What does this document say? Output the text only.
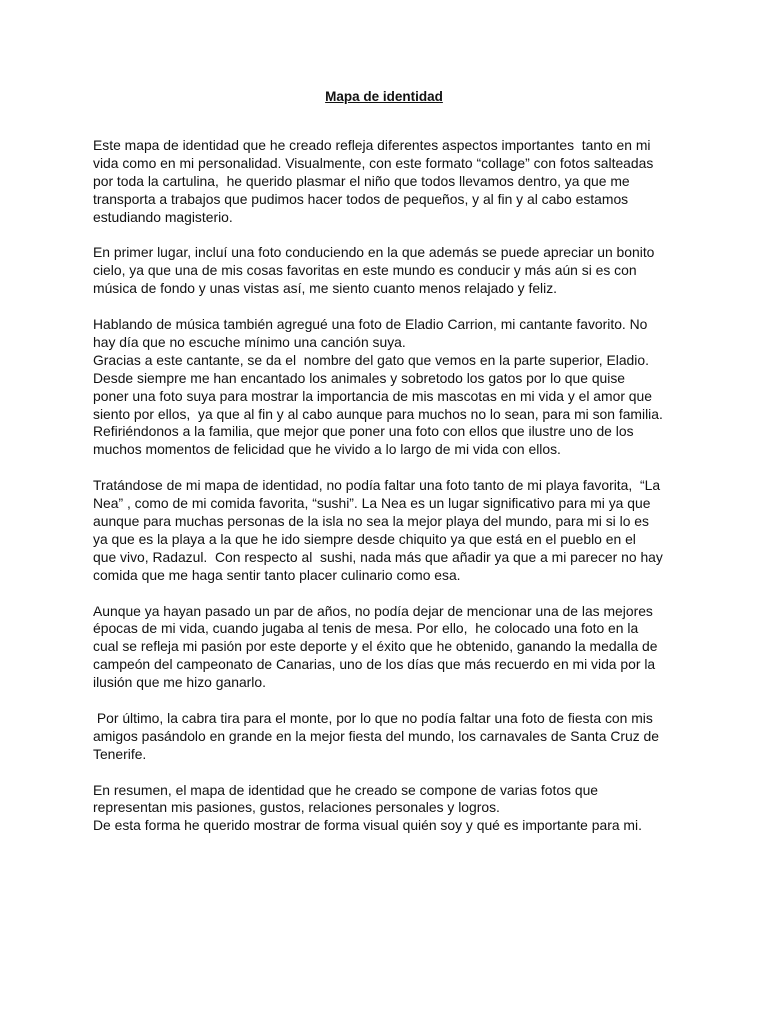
Mapa de identidad

Este mapa de identidad que he creado refleja diferentes aspectos importantes  tanto en mi
vida como en mi personalidad. Visualmente, con este formato “collage” con fotos salteadas
por toda la cartulina,  he querido plasmar el niño que todos llevamos dentro, ya que me
transporta a trabajos que pudimos hacer todos de pequeños, y al fin y al cabo estamos
estudiando magisterio.

En primer lugar, incluí una foto conduciendo en la que además se puede apreciar un bonito
cielo, ya que una de mis cosas favoritas en este mundo es conducir y más aún si es con
música de fondo y unas vistas así, me siento cuanto menos relajado y feliz.

Hablando de música también agregué una foto de Eladio Carrion, mi cantante favorito. No
hay día que no escuche mínimo una canción suya.
Gracias a este cantante, se da el  nombre del gato que vemos en la parte superior, Eladio.
Desde siempre me han encantado los animales y sobretodo los gatos por lo que quise
poner una foto suya para mostrar la importancia de mis mascotas en mi vida y el amor que
siento por ellos,  ya que al fin y al cabo aunque para muchos no lo sean, para mi son familia.
Refiriéndonos a la familia, que mejor que poner una foto con ellos que ilustre uno de los
muchos momentos de felicidad que he vivido a lo largo de mi vida con ellos.

Tratándose de mi mapa de identidad, no podía faltar una foto tanto de mi playa favorita,  “La
Nea” , como de mi comida favorita, “sushi”. La Nea es un lugar significativo para mi ya que
aunque para muchas personas de la isla no sea la mejor playa del mundo, para mi si lo es
ya que es la playa a la que he ido siempre desde chiquito ya que está en el pueblo en el
que vivo, Radazul.  Con respecto al  sushi, nada más que añadir ya que a mi parecer no hay
comida que me haga sentir tanto placer culinario como esa.

Aunque ya hayan pasado un par de años, no podía dejar de mencionar una de las mejores
épocas de mi vida, cuando jugaba al tenis de mesa. Por ello,  he colocado una foto en la
cual se refleja mi pasión por este deporte y el éxito que he obtenido, ganando la medalla de
campeón del campeonato de Canarias, uno de los días que más recuerdo en mi vida por la
ilusión que me hizo ganarlo.

Por último, la cabra tira para el monte, por lo que no podía faltar una foto de fiesta con mis
amigos pasándolo en grande en la mejor fiesta del mundo, los carnavales de Santa Cruz de
Tenerife.

En resumen, el mapa de identidad que he creado se compone de varias fotos que
representan mis pasiones, gustos, relaciones personales y logros.
De esta forma he querido mostrar de forma visual quién soy y qué es importante para mi.
